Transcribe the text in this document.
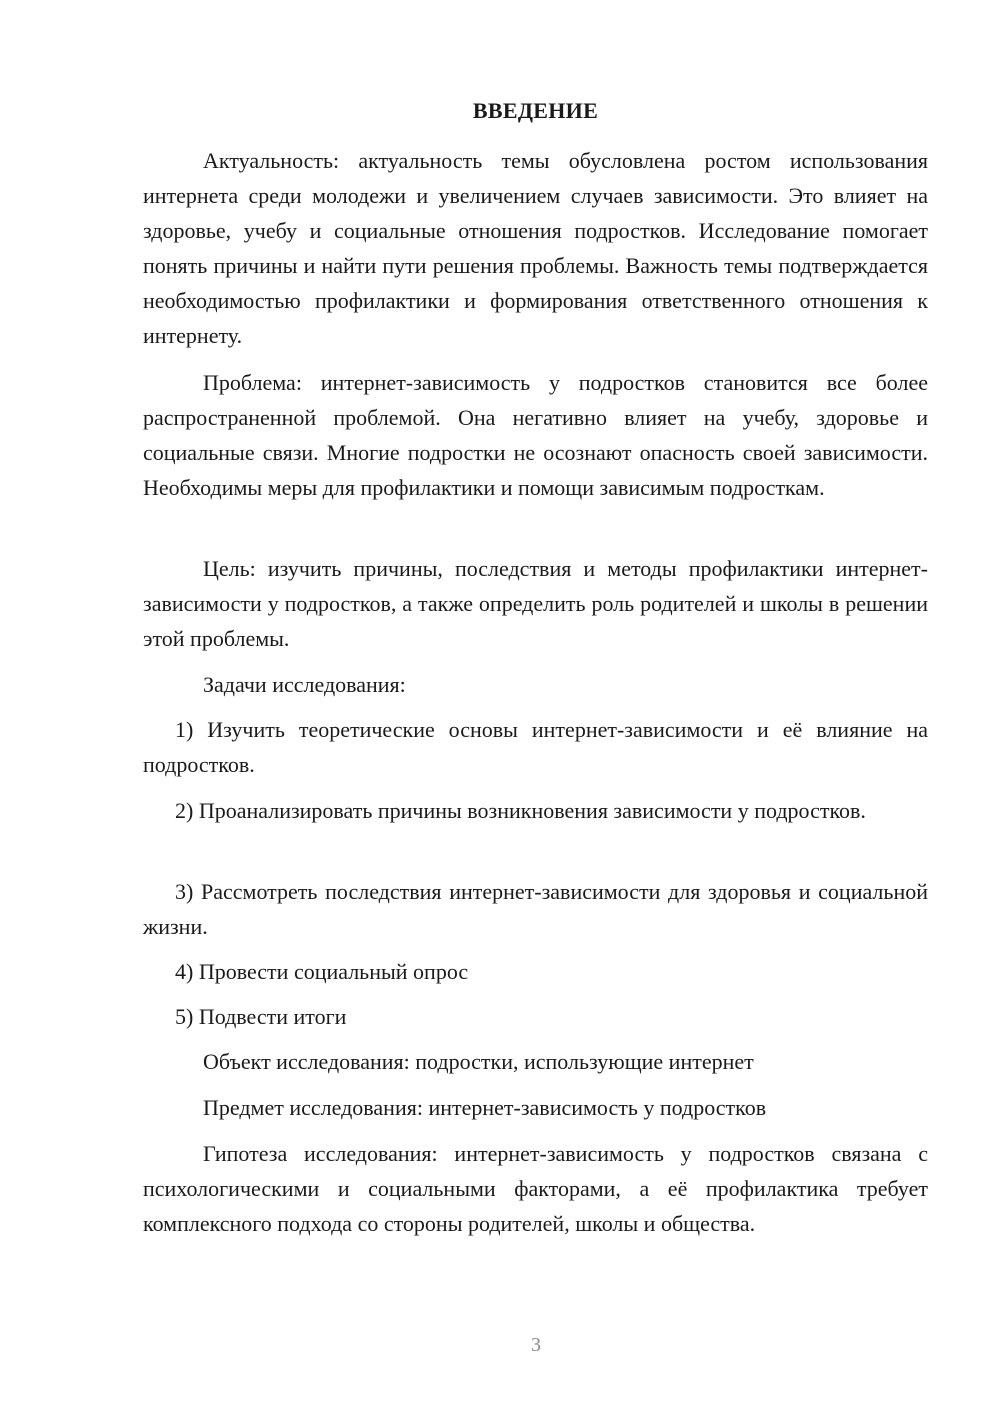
ВВЕДЕНИЕ
Актуальность: актуальность темы обусловлена ростом использования интернета среди молодежи и увеличением случаев зависимости. Это влияет на здоровье, учебу и социальные отношения подростков. Исследование помогает понять причины и найти пути решения проблемы. Важность темы подтверждается необходимостью профилактики и формирования ответственного отношения к интернету.
Проблема: интернет-зависимость у подростков становится все более распространенной проблемой. Она негативно влияет на учебу, здоровье и социальные связи. Многие подростки не осознают опасность своей зависимости. Необходимы меры для профилактики и помощи зависимым подросткам.
Цель: изучить причины, последствия и методы профилактики интернет-зависимости у подростков, а также определить роль родителей и школы в решении этой проблемы.
Задачи исследования:
1) Изучить теоретические основы интернет-зависимости и её влияние на подростков.
2) Проанализировать причины возникновения зависимости у подростков.
3) Рассмотреть последствия интернет-зависимости для здоровья и социальной жизни.
4) Провести социальный опрос
5) Подвести итоги
Объект исследования: подростки, использующие интернет
Предмет исследования: интернет-зависимость у подростков
Гипотеза исследования: интернет-зависимость у подростков связана с психологическими и социальными факторами, а её профилактика требует комплексного подхода со стороны родителей, школы и общества.
3
